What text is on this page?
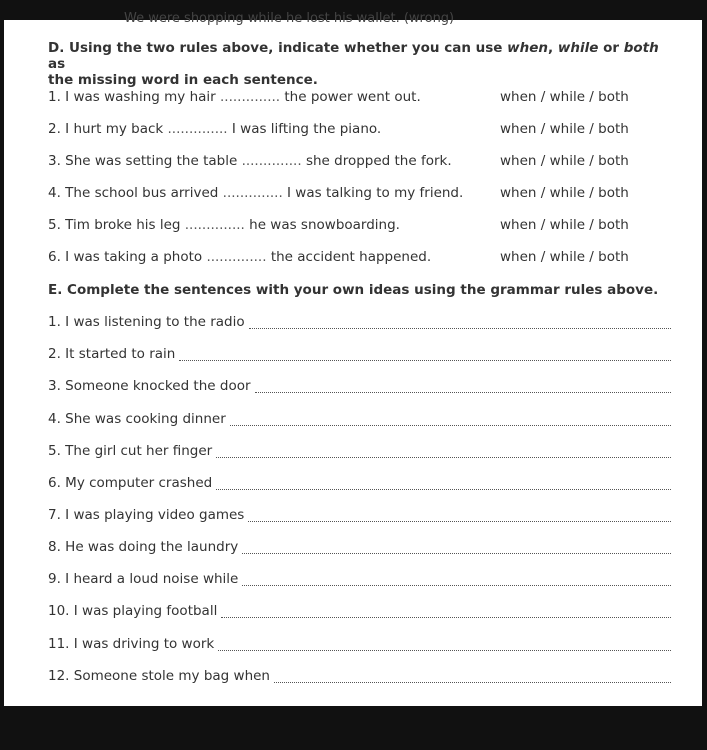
We were shopping while he lost his wallet. (wrong)
D. Using the two rules above, indicate whether you can use when, while or both as
the missing word in each sentence.
1. I was washing my hair .............. the power went out.	when / while / both
2. I hurt my back .............. I was lifting the piano.	when / while / both
3. She was setting the table .............. she dropped the fork.	when / while / both
4. The school bus arrived .............. I was talking to my friend.	when / while / both
5. Tim broke his leg .............. he was snowboarding.	when / while / both
6. I was taking a photo .............. the accident happened.	when / while / both
E. Complete the sentences with your own ideas using the grammar rules above.
1. I was listening to the radio
2. It started to rain
3. Someone knocked the door
4. She was cooking dinner
5. The girl cut her finger
6. My computer crashed
7. I was playing video games
8. He was doing the laundry
9. I heard a loud noise while
10. I was playing football
11. I was driving to work
12. Someone stole my bag when
